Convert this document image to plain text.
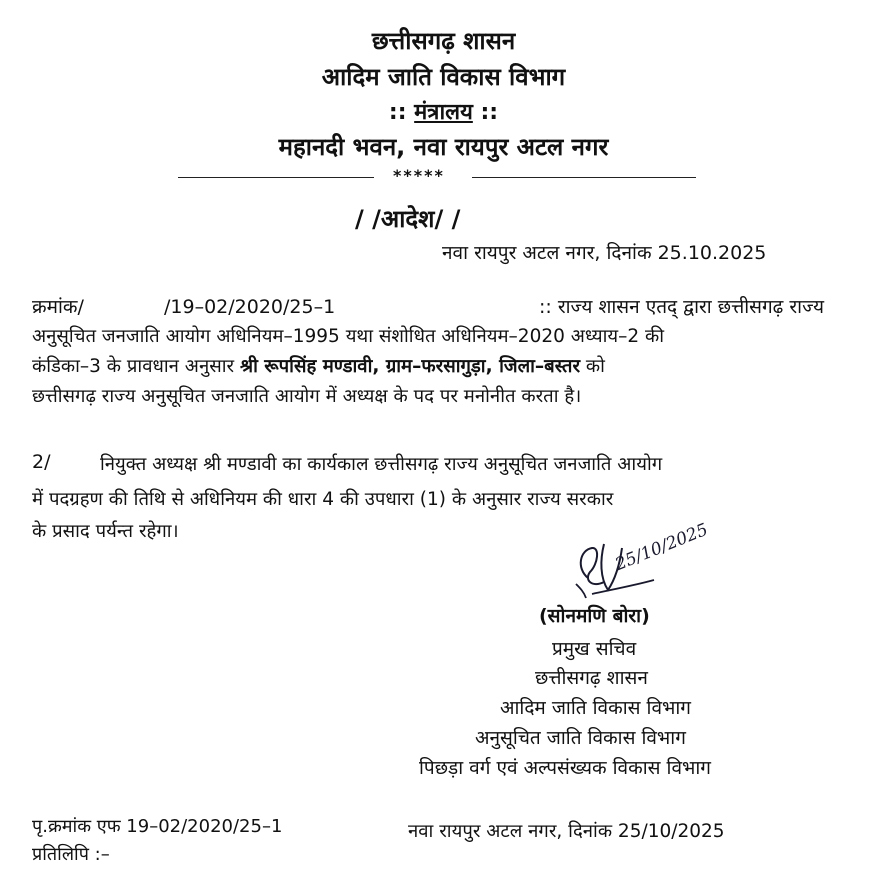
छत्तीसगढ़ शासन
आदिम जाति विकास विभाग
:: मंत्रालय ::
महानदी भवन, नवा रायपुर अटल नगर
*****
/ /आदेश/ /
नवा रायपुर अटल नगर, दिनांक 25.10.2025
क्रमांक/	/19–02/2020/25–1	:: राज्य शासन एतद् द्वारा छत्तीसगढ़ राज्य
अनुसूचित जनजाति आयोग अधिनियम–1995 यथा संशोधित अधिनियम–2020 अध्याय–2 की
कंडिका–3 के प्रावधान अनुसार श्री रूपसिंह मण्डावी, ग्राम–फरसागुड़ा, जिला–बस्तर को
छत्तीसगढ़ राज्य अनुसूचित जनजाति आयोग में अध्यक्ष के पद पर मनोनीत करता है।
2/	नियुक्त अध्यक्ष श्री मण्डावी का कार्यकाल छत्तीसगढ़ राज्य अनुसूचित जनजाति आयोग
में पदग्रहण की तिथि से अधिनियम की धारा 4 की उपधारा (1) के अनुसार राज्य सरकार
के प्रसाद पर्यन्त रहेगा।	25/10/2025
(सोनमणि बोरा)
प्रमुख सचिव
छत्तीसगढ़ शासन
आदिम जाति विकास विभाग
अनुसूचित जाति विकास विभाग
पिछड़ा वर्ग एवं अल्पसंख्यक विकास विभाग
पृ.क्रमांक एफ 19–02/2020/25–1	नवा रायपुर अटल नगर, दिनांक 25/10/2025
प्रतिलिपि :–
